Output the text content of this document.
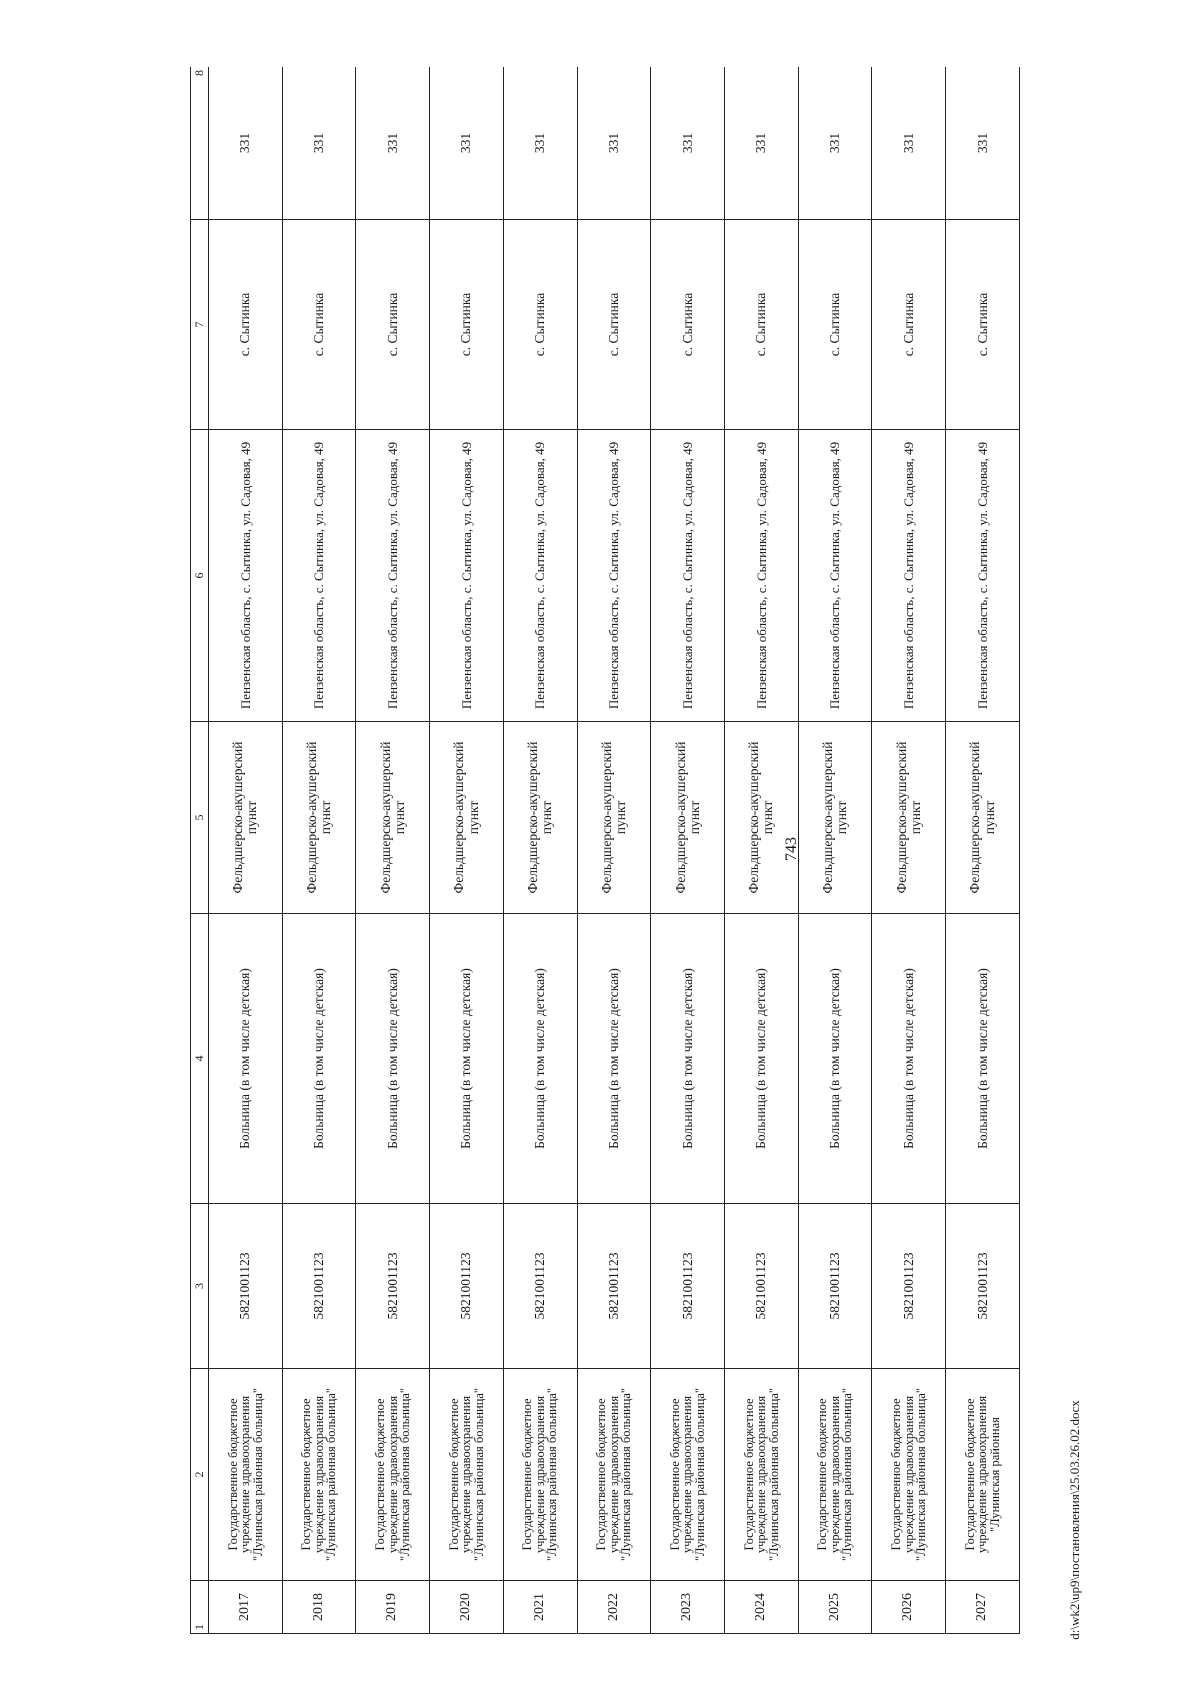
743
1	2	3	4	5	6	7	8
2017	Государственное бюджетное учреждение здравоохранения "Лунинская районная больница"	5821001123	Больница (в том числе детская)	Фельдшерско-акушерский пункт	Пензенская область, с. Сытинка, ул. Садовая, 49	с. Сытинка	331
2018	Государственное бюджетное учреждение здравоохранения "Лунинская районная больница"	5821001123	Больница (в том числе детская)	Фельдшерско-акушерский пункт	Пензенская область, с. Сытинка, ул. Садовая, 49	с. Сытинка	331
2019	Государственное бюджетное учреждение здравоохранения "Лунинская районная больница"	5821001123	Больница (в том числе детская)	Фельдшерско-акушерский пункт	Пензенская область, с. Сытинка, ул. Садовая, 49	с. Сытинка	331
2020	Государственное бюджетное учреждение здравоохранения "Лунинская районная больница"	5821001123	Больница (в том числе детская)	Фельдшерско-акушерский пункт	Пензенская область, с. Сытинка, ул. Садовая, 49	с. Сытинка	331
2021	Государственное бюджетное учреждение здравоохранения "Лунинская районная больница"	5821001123	Больница (в том числе детская)	Фельдшерско-акушерский пункт	Пензенская область, с. Сытинка, ул. Садовая, 49	с. Сытинка	331
2022	Государственное бюджетное учреждение здравоохранения "Лунинская районная больница"	5821001123	Больница (в том числе детская)	Фельдшерско-акушерский пункт	Пензенская область, с. Сытинка, ул. Садовая, 49	с. Сытинка	331
2023	Государственное бюджетное учреждение здравоохранения "Лунинская районная больница"	5821001123	Больница (в том числе детская)	Фельдшерско-акушерский пункт	Пензенская область, с. Сытинка, ул. Садовая, 49	с. Сытинка	331
2024	Государственное бюджетное учреждение здравоохранения "Лунинская районная больница"	5821001123	Больница (в том числе детская)	Фельдшерско-акушерский пункт	Пензенская область, с. Сытинка, ул. Садовая, 49	с. Сытинка	331
2025	Государственное бюджетное учреждение здравоохранения "Лунинская районная больница"	5821001123	Больница (в том числе детская)	Фельдшерско-акушерский пункт	Пензенская область, с. Сытинка, ул. Садовая, 49	с. Сытинка	331
2026	Государственное бюджетное учреждение здравоохранения "Лунинская районная больница"	5821001123	Больница (в том числе детская)	Фельдшерско-акушерский пункт	Пензенская область, с. Сытинка, ул. Садовая, 49	с. Сытинка	331
2027	Государственное бюджетное учреждение здравоохранения "Лунинская районная	5821001123	Больница (в том числе детская)	Фельдшерско-акушерский пункт	Пензенская область, с. Сытинка, ул. Садовая, 49	с. Сытинка	331
d:\wk2\up9\постановления\25.03.26.02.docx
